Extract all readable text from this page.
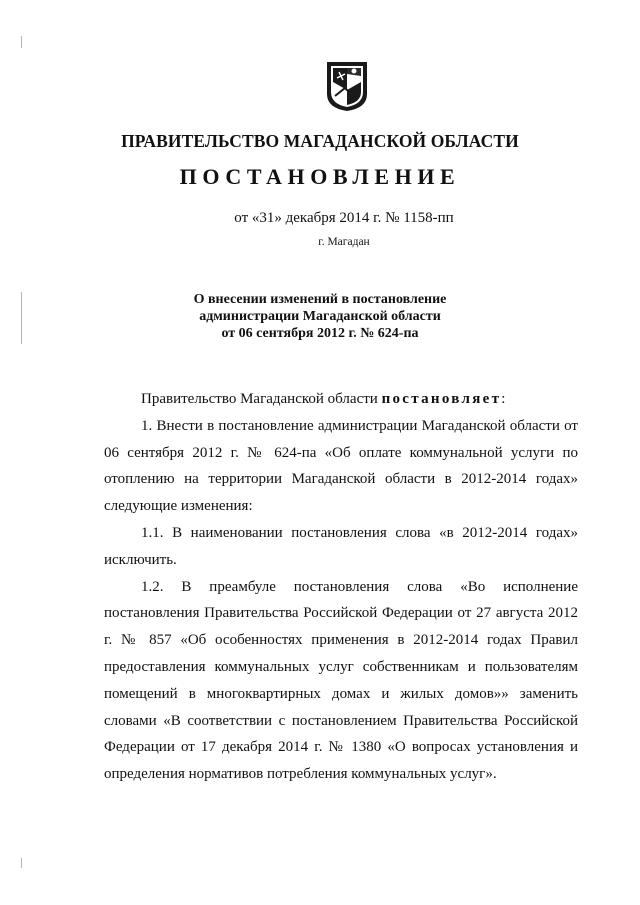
ПРАВИТЕЛЬСТВО МАГАДАНСКОЙ ОБЛАСТИ
ПОСТАНОВЛЕНИЕ
от «31» декабря 2014 г. № 1158-пп
г. Магадан
О внесении изменений в постановление
администрации Магаданской области
от 06 сентября 2012 г. № 624-па

Правительство Магаданской области постановляет:

1. Внести в постановление администрации Магаданской области от 06 сентября 2012 г. № 624-па «Об оплате коммунальной услуги по отоплению на территории Магаданской области в 2012-2014 годах» следующие изменения:

1.1. В наименовании постановления слова «в 2012-2014 годах» исключить.

1.2. В преамбуле постановления слова «Во исполнение постановления Правительства Российской Федерации от 27 августа 2012 г. № 857 «Об особенностях применения в 2012-2014 годах Правил предоставления коммунальных услуг собственникам и пользователям помещений в многоквартирных домах и жилых домов»» заменить словами «В соответствии с постановлением Правительства Российской Федерации от 17 декабря 2014 г. № 1380 «О вопросах установления и определения нормативов потребления коммунальных услуг».
